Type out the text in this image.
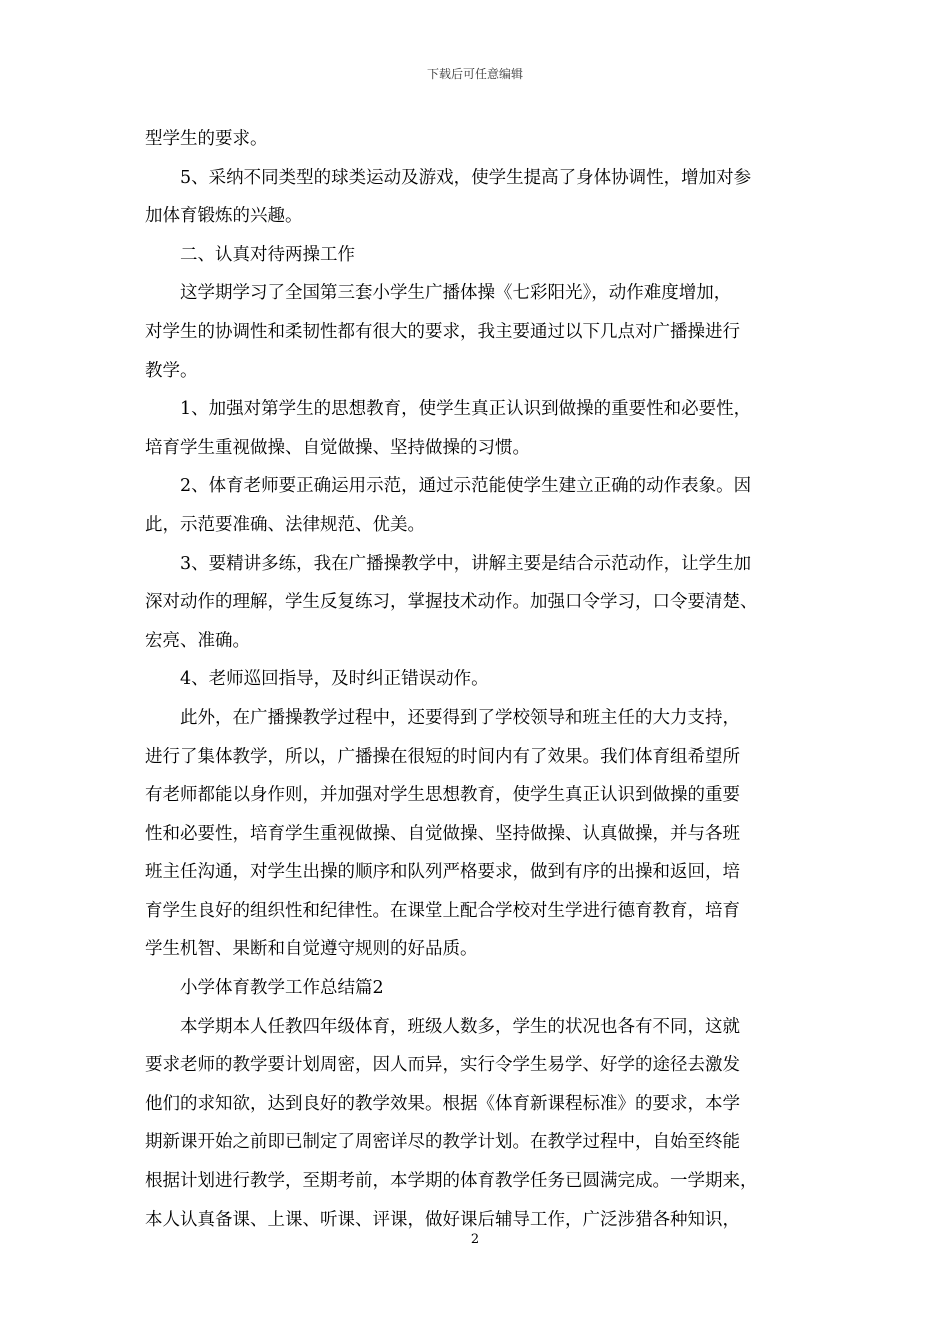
下载后可任意编辑
型学生的要求。
　　5、采纳不同类型的球类运动及游戏，使学生提高了身体协调性，增加对参
加体育锻炼的兴趣。
　　二、认真对待两操工作
　　这学期学习了全国第三套小学生广播体操《七彩阳光》，动作难度增加，
对学生的协调性和柔韧性都有很大的要求，我主要通过以下几点对广播操进行
教学。
　　1、加强对第学生的思想教育，使学生真正认识到做操的重要性和必要性，
培育学生重视做操、自觉做操、坚持做操的习惯。
　　2、体育老师要正确运用示范，通过示范能使学生建立正确的动作表象。因
此，示范要准确、法律规范、优美。
　　3、要精讲多练，我在广播操教学中，讲解主要是结合示范动作，让学生加
深对动作的理解，学生反复练习，掌握技术动作。加强口令学习，口令要清楚、
宏亮、准确。
　　4、老师巡回指导，及时纠正错误动作。
　　此外，在广播操教学过程中，还要得到了学校领导和班主任的大力支持，
进行了集体教学，所以，广播操在很短的时间内有了效果。我们体育组希望所
有老师都能以身作则，并加强对学生思想教育，使学生真正认识到做操的重要
性和必要性，培育学生重视做操、自觉做操、坚持做操、认真做操，并与各班
班主任沟通，对学生出操的顺序和队列严格要求，做到有序的出操和返回，培
育学生良好的组织性和纪律性。在课堂上配合学校对生学进行德育教育，培育
学生机智、果断和自觉遵守规则的好品质。
　　小学体育教学工作总结篇2
　　本学期本人任教四年级体育，班级人数多，学生的状况也各有不同，这就
要求老师的教学要计划周密，因人而异，实行令学生易学、好学的途径去激发
他们的求知欲，达到良好的教学效果。根据《体育新课程标准》的要求，本学
期新课开始之前即已制定了周密详尽的教学计划。在教学过程中，自始至终能
根据计划进行教学，至期考前，本学期的体育教学任务已圆满完成。一学期来，
本人认真备课、上课、听课、评课，做好课后辅导工作，广泛涉猎各种知识，
2
